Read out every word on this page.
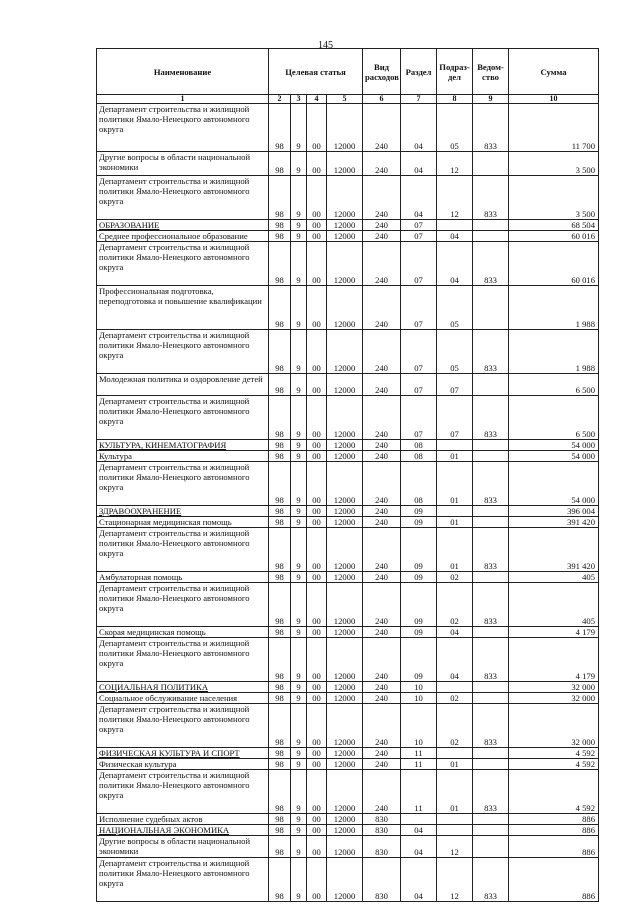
145
Наименование	Целевая статья				Вид расходов	Раздел	Подраз-дел	Ведом-ство	Сумма
1	2	3	4	5	6	7	8	9	10
Департамент строительства и жилищной политики Ямало-Ненецкого автономного округа	98	9	00	12000	240	04	05	833	11 700
Другие вопросы в области национальной экономики	98	9	00	12000	240	04	12		3 500
Департамент строительства и жилищной политики Ямало-Ненецкого автономного округа	98	9	00	12000	240	04	12	833	3 500
ОБРАЗОВАНИЕ	98	9	00	12000	240	07			68 504
Среднее профессиональное образование	98	9	00	12000	240	07	04		60 016
Департамент строительства и жилищной политики Ямало-Ненецкого автономного округа	98	9	00	12000	240	07	04	833	60 016
Профессиональная подготовка, переподготовка и повышение квалификации	98	9	00	12000	240	07	05		1 988
Департамент строительства и жилищной политики Ямало-Ненецкого автономного округа	98	9	00	12000	240	07	05	833	1 988
Молодежная политика и оздоровление детей	98	9	00	12000	240	07	07		6 500
Департамент строительства и жилищной политики Ямало-Ненецкого автономного округа	98	9	00	12000	240	07	07	833	6 500
КУЛЬТУРА, КИНЕМАТОГРАФИЯ	98	9	00	12000	240	08			54 000
Культура	98	9	00	12000	240	08	01		54 000
Департамент строительства и жилищной политики Ямало-Ненецкого автономного округа	98	9	00	12000	240	08	01	833	54 000
ЗДРАВООХРАНЕНИЕ	98	9	00	12000	240	09			396 004
Стационарная медицинская помощь	98	9	00	12000	240	09	01		391 420
Департамент строительства и жилищной политики Ямало-Ненецкого автономного округа	98	9	00	12000	240	09	01	833	391 420
Амбулаторная помощь	98	9	00	12000	240	09	02		405
Департамент строительства и жилищной политики Ямало-Ненецкого автономного округа	98	9	00	12000	240	09	02	833	405
Скорая медицинская помощь	98	9	00	12000	240	09	04		4 179
Департамент строительства и жилищной политики Ямало-Ненецкого автономного округа	98	9	00	12000	240	09	04	833	4 179
СОЦИАЛЬНАЯ ПОЛИТИКА	98	9	00	12000	240	10			32 000
Социальное обслуживание населения	98	9	00	12000	240	10	02		32 000
Департамент строительства и жилищной политики Ямало-Ненецкого автономного округа	98	9	00	12000	240	10	02	833	32 000
ФИЗИЧЕСКАЯ КУЛЬТУРА И СПОРТ	98	9	00	12000	240	11			4 592
Физическая культура	98	9	00	12000	240	11	01		4 592
Департамент строительства и жилищной политики Ямало-Ненецкого автономного округа	98	9	00	12000	240	11	01	833	4 592
Исполнение судебных актов	98	9	00	12000	830				886
НАЦИОНАЛЬНАЯ ЭКОНОМИКА	98	9	00	12000	830	04			886
Другие вопросы в области национальной экономики	98	9	00	12000	830	04	12		886
Департамент строительства и жилищной политики Ямало-Ненецкого автономного округа	98	9	00	12000	830	04	12	833	886
